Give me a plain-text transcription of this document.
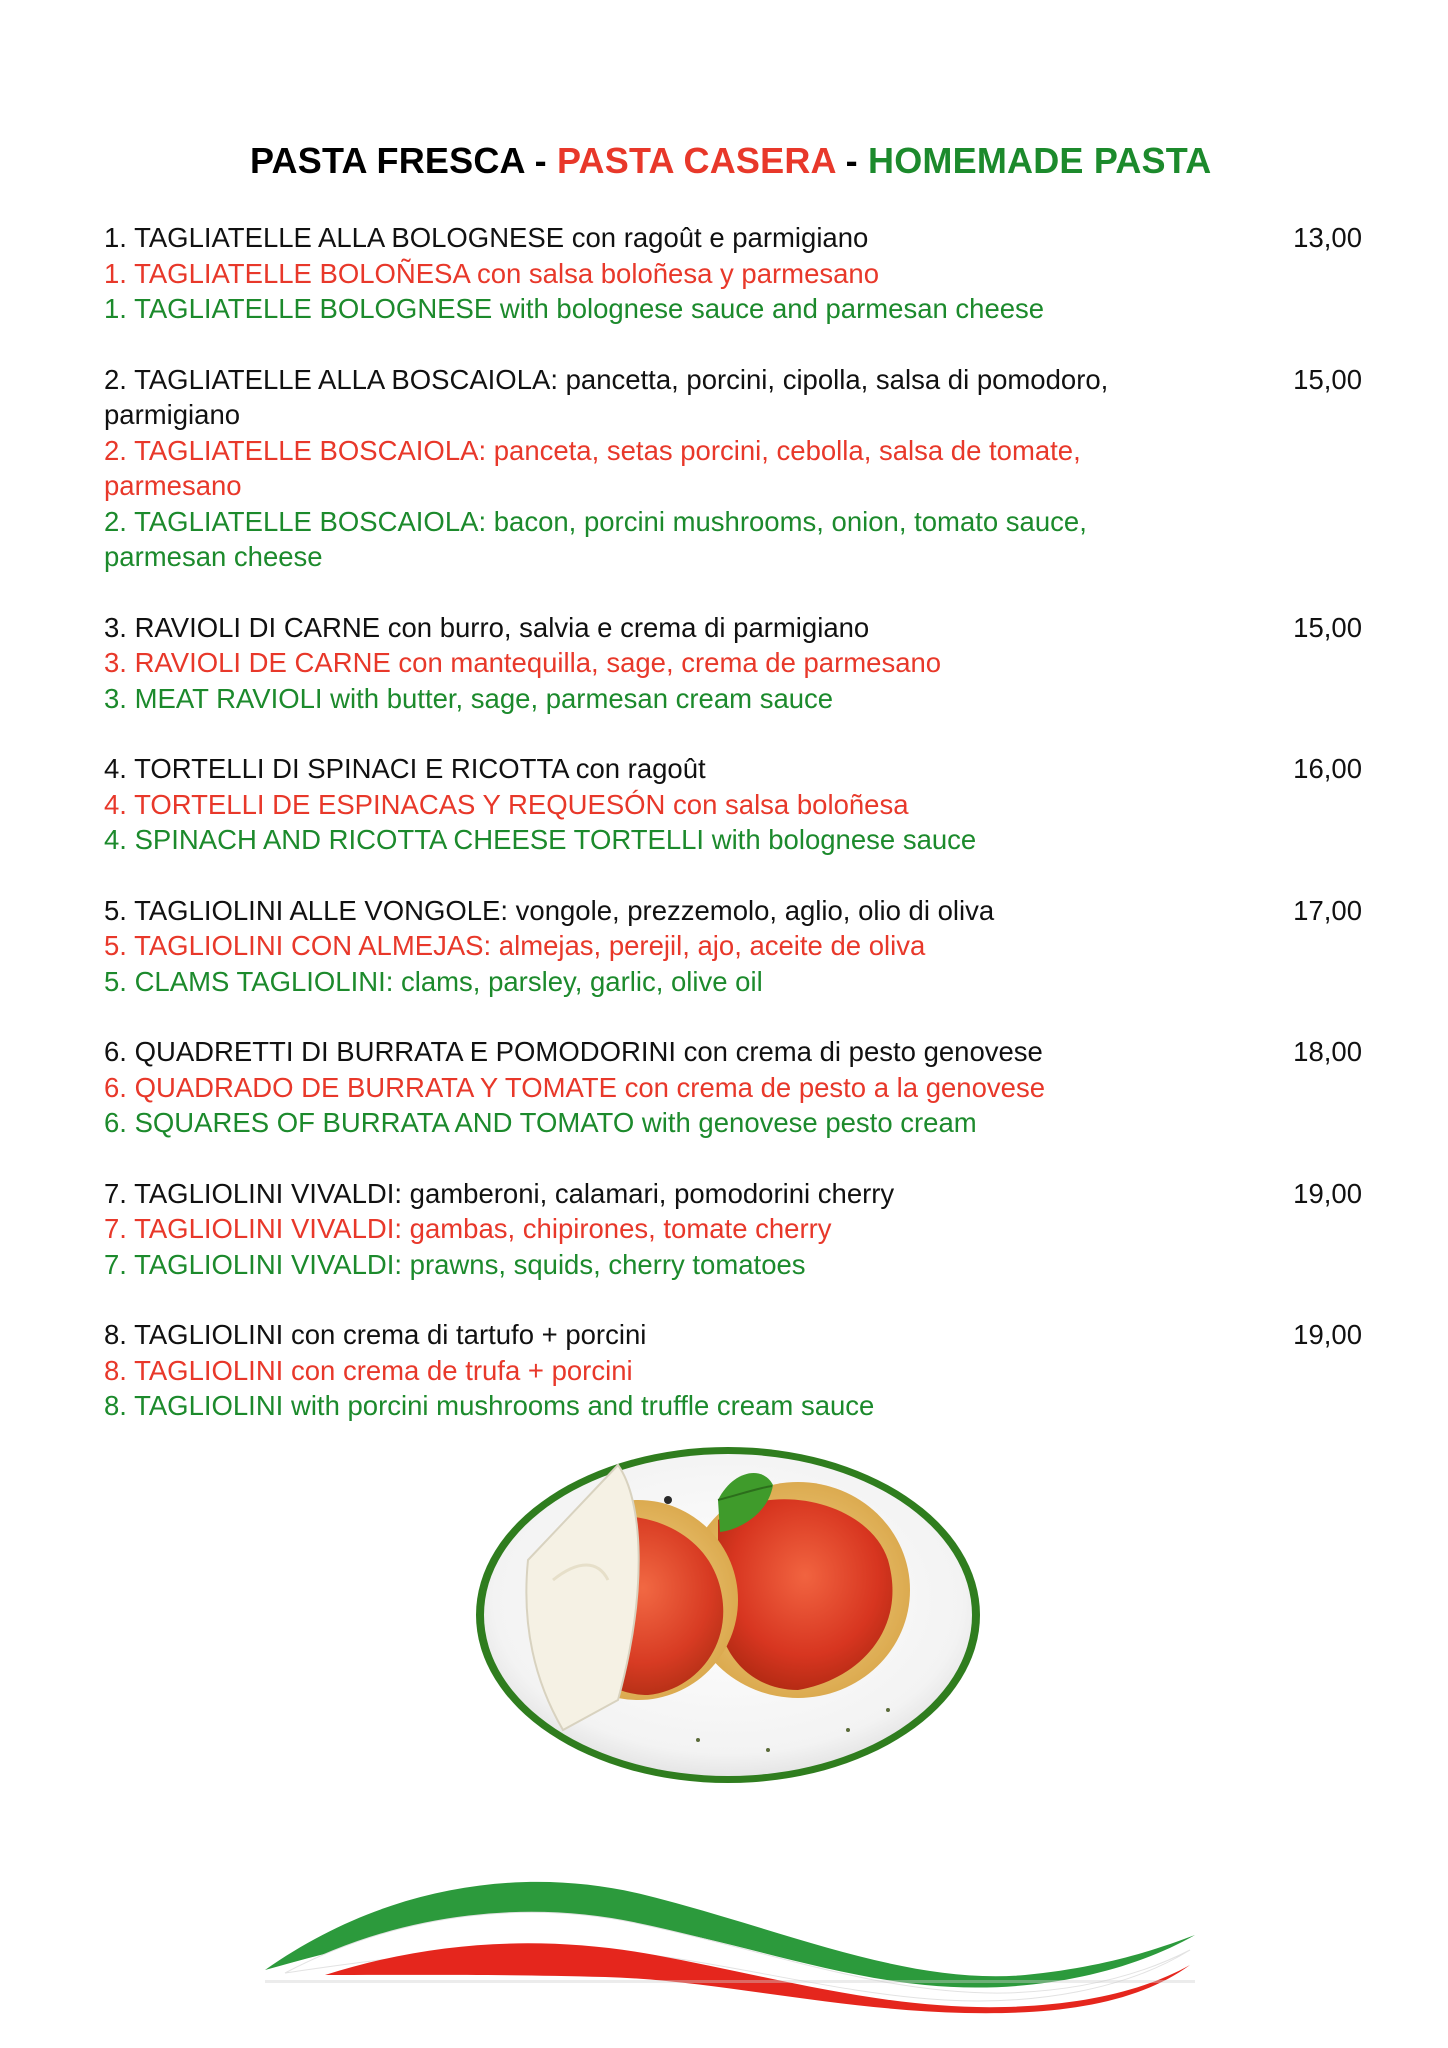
PASTA FRESCA - PASTA CASERA - HOMEMADE PASTA
1. TAGLIATELLE ALLA BOLOGNESE con ragoût e parmigiano
1. TAGLIATELLE BOLOÑESA con salsa boloñesa y parmesano
1. TAGLIATELLE BOLOGNESE with bolognese sauce and parmesan cheese
13,00
2. TAGLIATELLE ALLA BOSCAIOLA: pancetta, porcini, cipolla, salsa di pomodoro, parmigiano
2. TAGLIATELLE BOSCAIOLA: panceta, setas porcini, cebolla, salsa de tomate, parmesano
2. TAGLIATELLE BOSCAIOLA: bacon, porcini mushrooms, onion, tomato sauce, parmesan cheese
15,00
3. RAVIOLI DI CARNE con burro, salvia e crema di parmigiano
3. RAVIOLI DE CARNE con mantequilla, sage, crema de parmesano
3. MEAT RAVIOLI with butter, sage, parmesan cream sauce
15,00
4. TORTELLI DI SPINACI E RICOTTA con ragoût
4. TORTELLI DE ESPINACAS Y REQUESÓN con salsa boloñesa
4. SPINACH AND RICOTTA CHEESE TORTELLI with bolognese sauce
16,00
5. TAGLIOLINI ALLE VONGOLE: vongole, prezzemolo, aglio, olio di oliva
5. TAGLIOLINI CON ALMEJAS: almejas, perejil, ajo, aceite de oliva
5. CLAMS TAGLIOLINI: clams, parsley, garlic, olive oil
17,00
6. QUADRETTI DI BURRATA E POMODORINI con crema di pesto genovese
6. QUADRADO DE BURRATA Y TOMATE con crema de pesto a la genovese
6. SQUARES OF BURRATA AND TOMATO with genovese pesto cream
18,00
7. TAGLIOLINI VIVALDI: gamberoni, calamari, pomodorini cherry
7. TAGLIOLINI VIVALDI: gambas, chipirones, tomate cherry
7. TAGLIOLINI VIVALDI: prawns, squids, cherry tomatoes
19,00
8. TAGLIOLINI con crema di tartufo + porcini
8. TAGLIOLINI con crema de trufa + porcini
8. TAGLIOLINI with porcini mushrooms and truffle cream sauce
19,00
